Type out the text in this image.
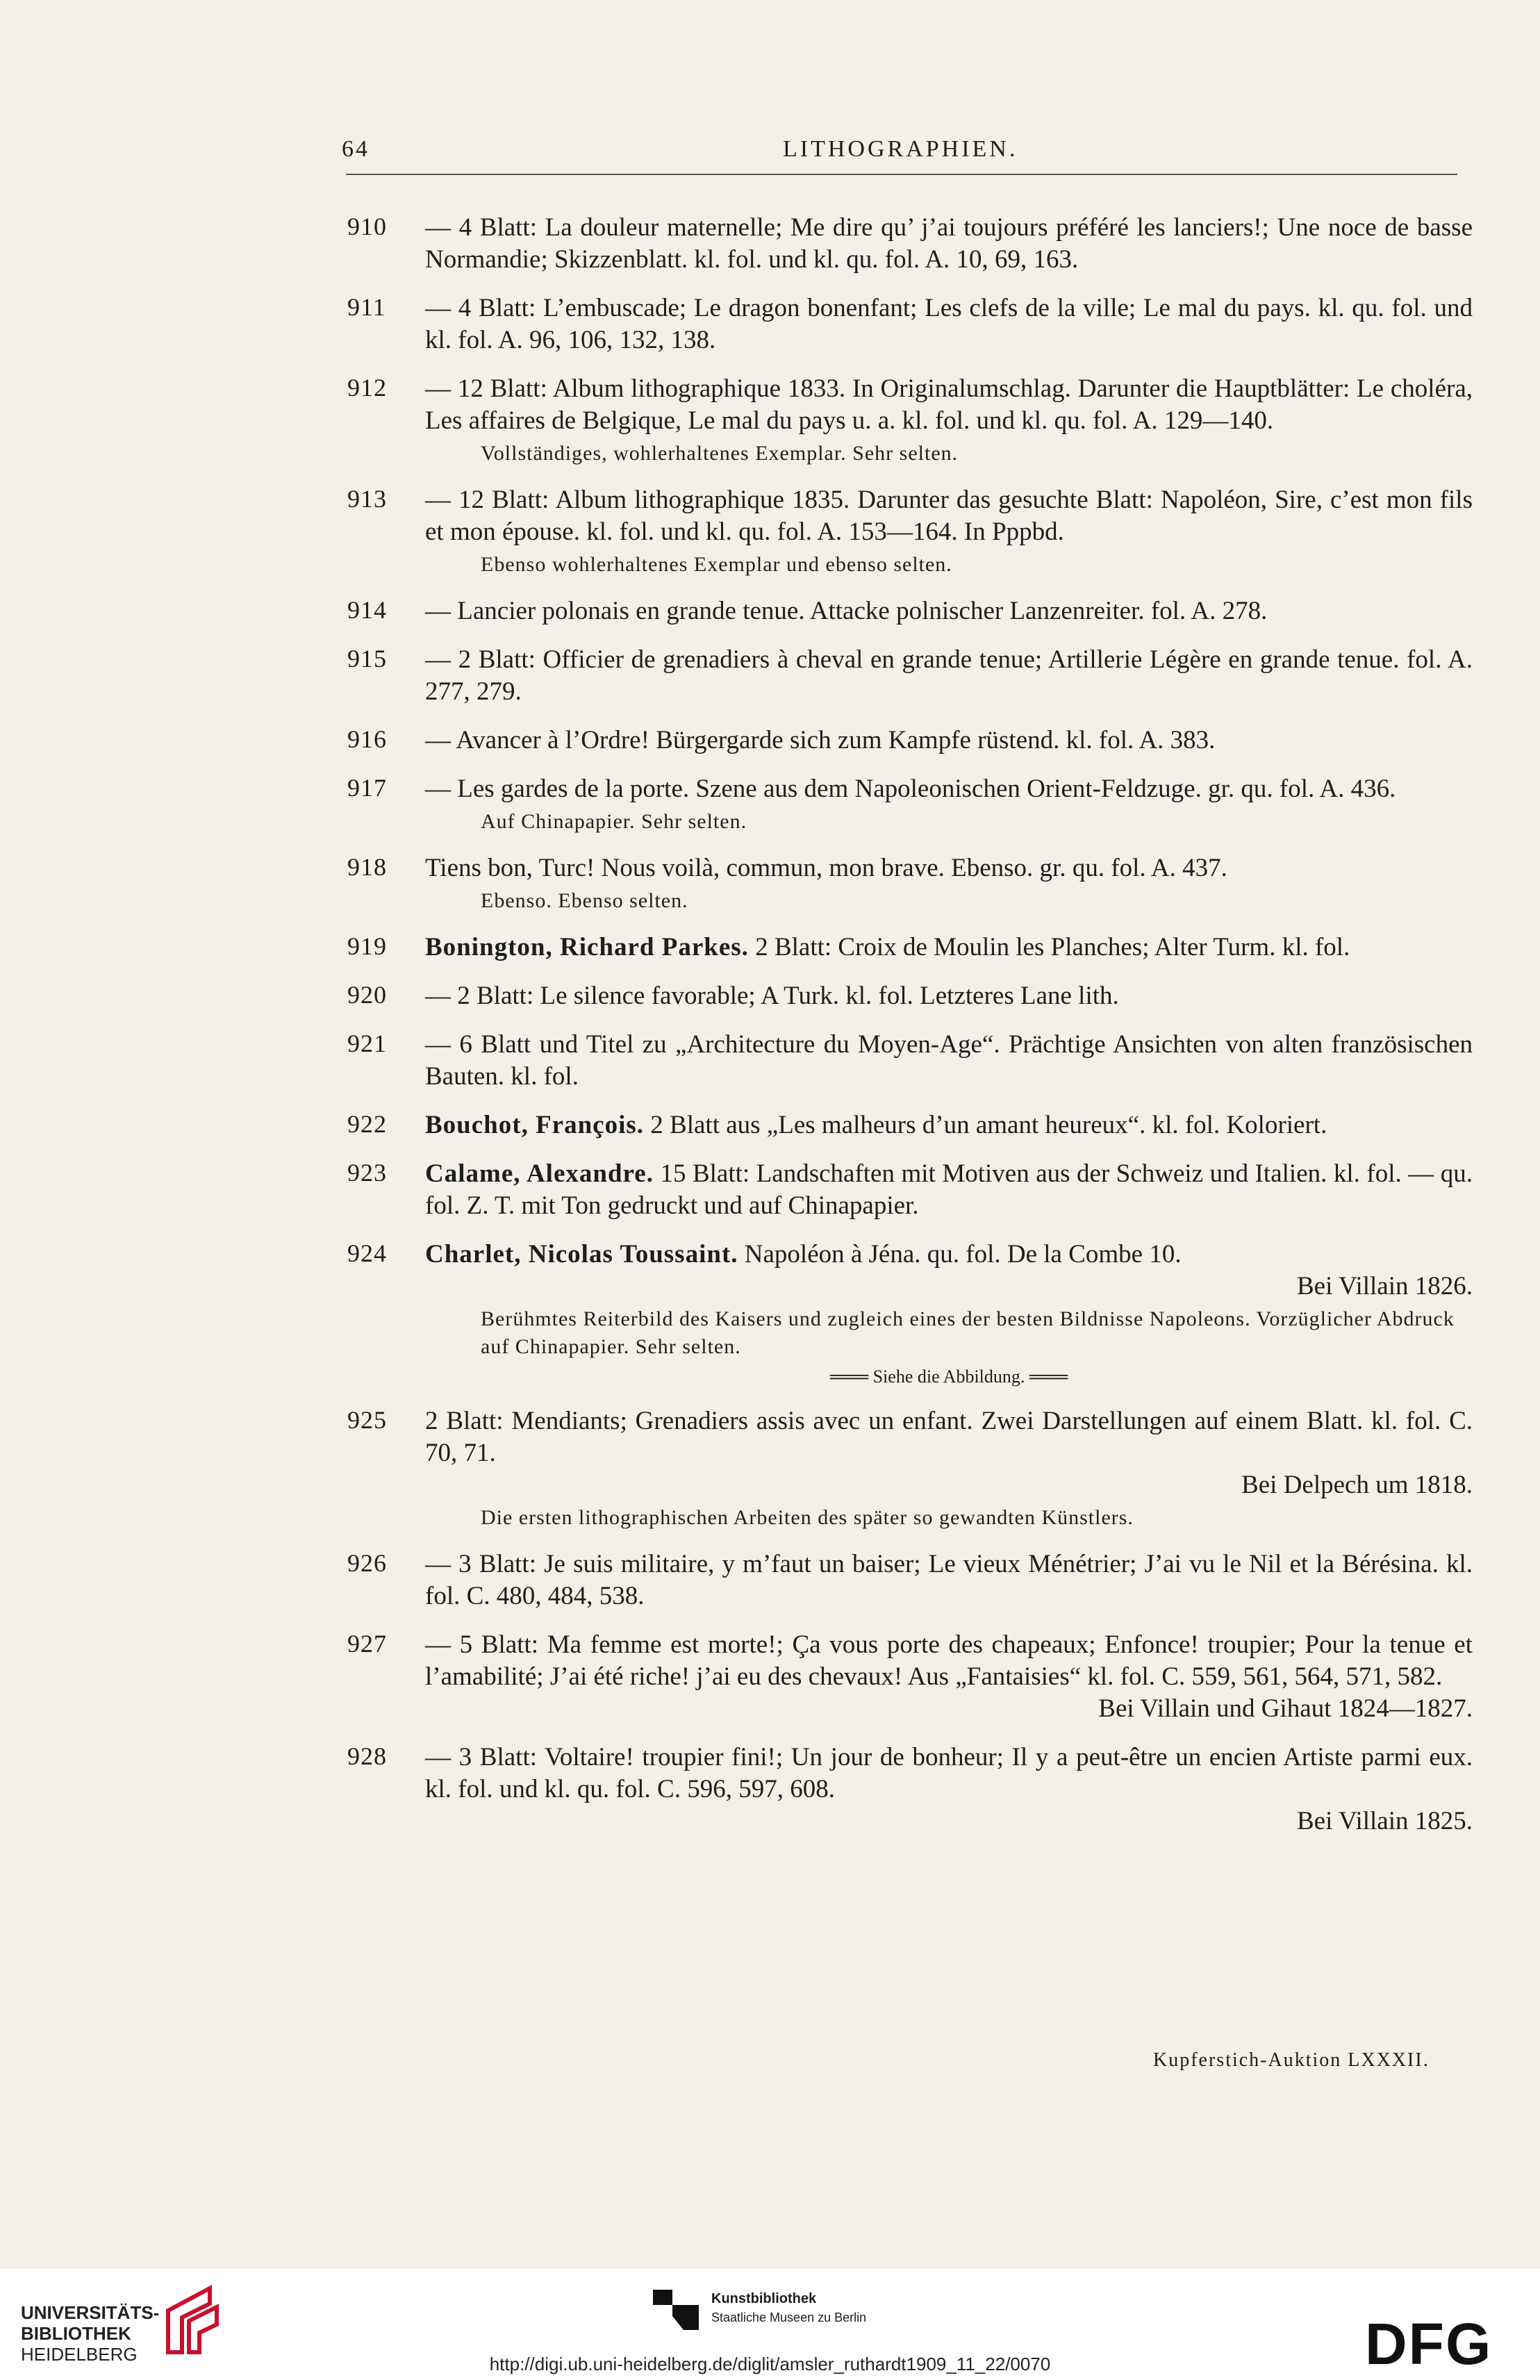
64	LITHOGRAPHIEN.
910 — 4 Blatt: La douleur maternelle; Me dire qu’ j’ai toujours préféré les lanciers!; Une noce de basse Normandie; Skizzenblatt. kl. fol. und kl. qu. fol. A. 10, 69, 163.
911 — 4 Blatt: L’embuscade; Le dragon bonenfant; Les clefs de la ville; Le mal du pays. kl. qu. fol. und kl. fol. A. 96, 106, 132, 138.
912 — 12 Blatt: Album lithographique 1833. In Originalumschlag. Darunter die Hauptblätter: Le choléra, Les affaires de Belgique, Le mal du pays u. a. kl. fol. und kl. qu. fol. A. 129—140.
Vollständiges, wohlerhaltenes Exemplar. Sehr selten.
913 — 12 Blatt: Album lithographique 1835. Darunter das gesuchte Blatt: Napoléon, Sire, c’est mon fils et mon épouse. kl. fol. und kl. qu. fol. A. 153—164. In Pppbd.
Ebenso wohlerhaltenes Exemplar und ebenso selten.
914 — Lancier polonais en grande tenue. Attacke polnischer Lanzenreiter. fol. A. 278.
915 — 2 Blatt: Officier de grenadiers à cheval en grande tenue; Artillerie Légère en grande tenue. fol. A. 277, 279.
916 — Avancer à l’Ordre! Bürgergarde sich zum Kampfe rüstend. kl. fol. A. 383.
917 — Les gardes de la porte. Szene aus dem Napoleonischen Orient-Feldzuge. gr. qu. fol. A. 436.
Auf Chinapapier. Sehr selten.
918 Tiens bon, Turc! Nous voilà, commun, mon brave. Ebenso. gr. qu. fol. A. 437.
Ebenso. Ebenso selten.
919 Bonington, Richard Parkes. 2 Blatt: Croix de Moulin les Planches; Alter Turm. kl. fol.
920 — 2 Blatt: Le silence favorable; A Turk. kl. fol. Letzteres Lane lith.
921 — 6 Blatt und Titel zu „Architecture du Moyen-Age“. Prächtige Ansichten von alten französischen Bauten. kl. fol.
922 Bouchot, François. 2 Blatt aus „Les malheurs d’un amant heureux“. kl. fol. Koloriert.
923 Calame, Alexandre. 15 Blatt: Landschaften mit Motiven aus der Schweiz und Italien. kl. fol. — qu. fol. Z. T. mit Ton gedruckt und auf Chinapapier.
924 Charlet, Nicolas Toussaint. Napoléon à Jéna. qu. fol. De la Combe 10.
Bei Villain 1826.
Berühmtes Reiterbild des Kaisers und zugleich eines der besten Bildnisse Napoleons. Vorzüglicher Abdruck auf Chinapapier. Sehr selten.
═══ Siehe die Abbildung. ═══
925 2 Blatt: Mendiants; Grenadiers assis avec un enfant. Zwei Darstellungen auf einem Blatt. kl. fol. C. 70, 71.
Bei Delpech um 1818.
Die ersten lithographischen Arbeiten des später so gewandten Künstlers.
926 — 3 Blatt: Je suis militaire, y m’faut un baiser; Le vieux Ménétrier; J’ai vu le Nil et la Bérésina. kl. fol. C. 480, 484, 538.
927 — 5 Blatt: Ma femme est morte!; Ça vous porte des chapeaux; Enfonce! troupier; Pour la tenue et l’amabilité; J’ai été riche! j’ai eu des chevaux! Aus „Fantaisies“ kl. fol. C. 559, 561, 564, 571, 582.
Bei Villain und Gihaut 1824—1827.
928 — 3 Blatt: Voltaire! troupier fini!; Un jour de bonheur; Il y a peut-être un encien Artiste parmi eux. kl. fol. und kl. qu. fol. C. 596, 597, 608.
Bei Villain 1825.
Kupferstich-Auktion LXXXII.
UNIVERSITÄTS-
BIBLIOTHEK
HEIDELBERG
Kunstbibliothek
Staatliche Museen zu Berlin	DFG
http://digi.ub.uni-heidelberg.de/diglit/amsler_ruthardt1909_11_22/0070
